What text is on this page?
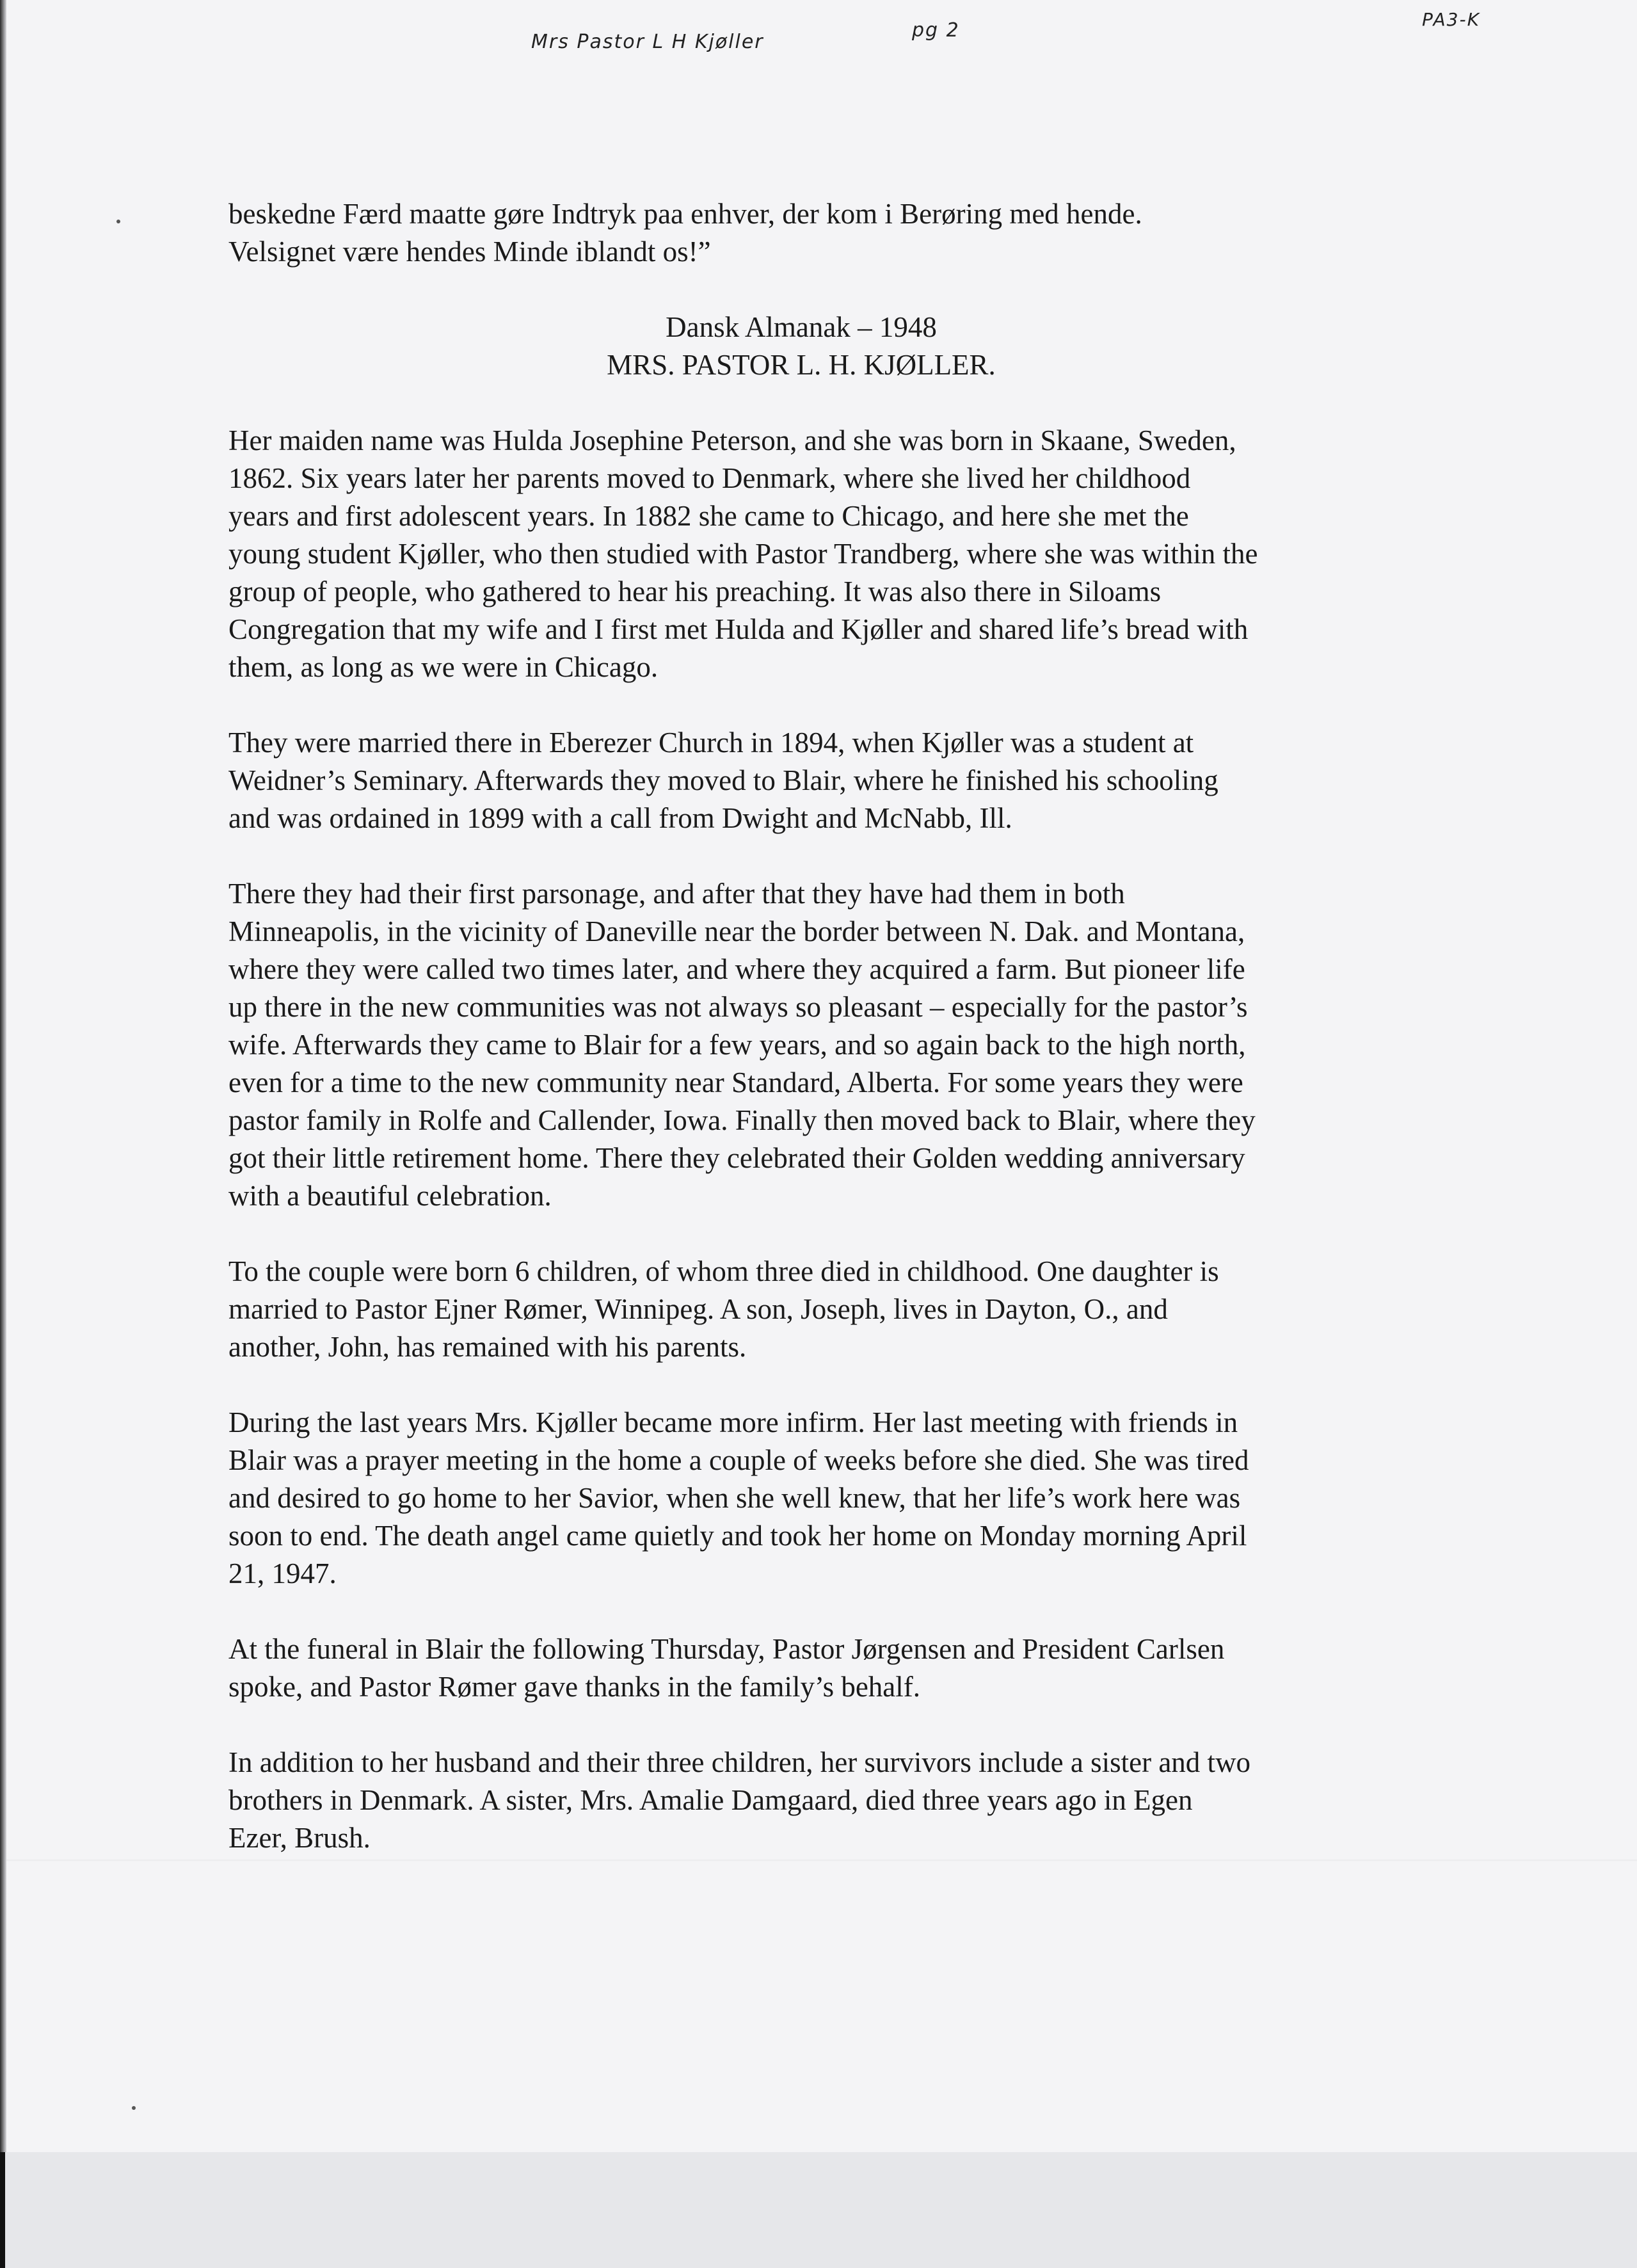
Mrs Pastor L H Kjøller
pg 2	PA3-K

beskedne Færd maatte gøre Indtryk paa enhver, der kom i Berøring med hende.
Velsignet være hendes Minde iblandt os!”

Dansk Almanak – 1948
MRS. PASTOR L. H. KJØLLER.

Her maiden name was Hulda Josephine Peterson, and she was born in Skaane, Sweden,
1862. Six years later her parents moved to Denmark, where she lived her childhood
years and first adolescent years. In 1882 she came to Chicago, and here she met the
young student Kjøller, who then studied with Pastor Trandberg, where she was within the
group of people, who gathered to hear his preaching. It was also there in Siloams
Congregation that my wife and I first met Hulda and Kjøller and shared life’s bread with
them, as long as we were in Chicago.

They were married there in Eberezer Church in 1894, when Kjøller was a student at
Weidner’s Seminary. Afterwards they moved to Blair, where he finished his schooling
and was ordained in 1899 with a call from Dwight and McNabb, Ill.

There they had their first parsonage, and after that they have had them in both
Minneapolis, in the vicinity of Daneville near the border between N. Dak. and Montana,
where they were called two times later, and where they acquired a farm. But pioneer life
up there in the new communities was not always so pleasant – especially for the pastor’s
wife. Afterwards they came to Blair for a few years, and so again back to the high north,
even for a time to the new community near Standard, Alberta. For some years they were
pastor family in Rolfe and Callender, Iowa. Finally then moved back to Blair, where they
got their little retirement home. There they celebrated their Golden wedding anniversary
with a beautiful celebration.

To the couple were born 6 children, of whom three died in childhood. One daughter is
married to Pastor Ejner Rømer, Winnipeg. A son, Joseph, lives in Dayton, O., and
another, John, has remained with his parents.

During the last years Mrs. Kjøller became more infirm. Her last meeting with friends in
Blair was a prayer meeting in the home a couple of weeks before she died. She was tired
and desired to go home to her Savior, when she well knew, that her life’s work here was
soon to end. The death angel came quietly and took her home on Monday morning April
21, 1947.

At the funeral in Blair the following Thursday, Pastor Jørgensen and President Carlsen
spoke, and Pastor Rømer gave thanks in the family’s behalf.

In addition to her husband and their three children, her survivors include a sister and two
brothers in Denmark. A sister, Mrs. Amalie Damgaard, died three years ago in Egen
Ezer, Brush.
